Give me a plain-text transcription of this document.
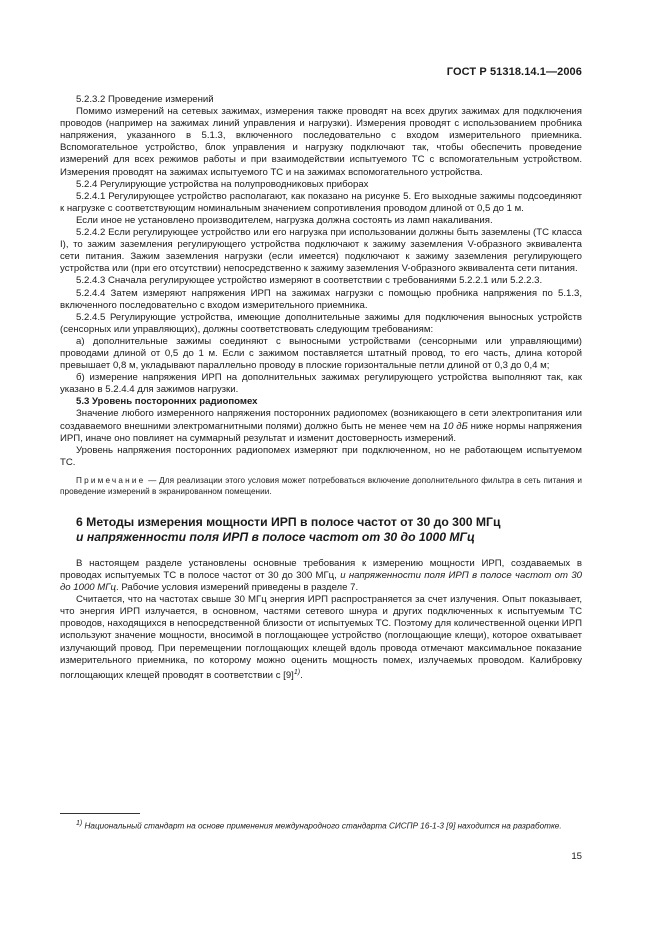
ГОСТ Р 51318.14.1—2006

5.2.3.2 Проведение измерений

Помимо измерений на сетевых зажимах, измерения также проводят на всех других зажимах для подключения проводов (например на зажимах линий управления и нагрузки). Измерения проводят с использованием пробника напряжения, указанного в 5.1.3, включенного последовательно с входом измерительного приемника. Вспомогательное устройство, блок управления и нагрузку подключают так, чтобы обеспечить проведение измерений для всех режимов работы и при взаимодействии испытуемого ТС с вспомогательным устройством. Измерения проводят на зажимах испытуемого ТС и на зажимах вспомогательного устройства.

5.2.4 Регулирующие устройства на полупроводниковых приборах

5.2.4.1 Регулирующее устройство располагают, как показано на рисунке 5. Его выходные зажимы подсоединяют к нагрузке с соответствующим номинальным значением сопротивления проводом длиной от 0,5 до 1 м.

Если иное не установлено производителем, нагрузка должна состоять из ламп накаливания.

5.2.4.2 Если регулирующее устройство или его нагрузка при использовании должны быть заземлены (ТС класса I), то зажим заземления регулирующего устройства подключают к зажиму заземления V-образного эквивалента сети питания. Зажим заземления нагрузки (если имеется) подключают к зажиму заземления регулирующего устройства или (при его отсутствии) непосредственно к зажиму заземления V-образного эквивалента сети питания.

5.2.4.3 Сначала регулирующее устройство измеряют в соответствии с требованиями 5.2.2.1 или 5.2.2.3.

5.2.4.4 Затем измеряют напряжения ИРП на зажимах нагрузки с помощью пробника напряжения по 5.1.3, включенного последовательно с входом измерительного приемника.

5.2.4.5 Регулирующие устройства, имеющие дополнительные зажимы для подключения выносных устройств (сенсорных или управляющих), должны соответствовать следующим требованиям:

а) дополнительные зажимы соединяют с выносными устройствами (сенсорными или управляющими) проводами длиной от 0,5 до 1 м. Если с зажимом поставляется штатный провод, то его часть, длина которой превышает 0,8 м, укладывают параллельно проводу в плоские горизонтальные петли длиной от 0,3 до 0,4 м;

б) измерение напряжения ИРП на дополнительных зажимах регулирующего устройства выполняют так, как указано в 5.2.4.4 для зажимов нагрузки.

5.3 Уровень посторонних радиопомех

Значение любого измеренного напряжения посторонних радиопомех (возникающего в сети электропитания или создаваемого внешними электромагнитными полями) должно быть не менее чем на 10 дБ ниже нормы напряжения ИРП, иначе оно повлияет на суммарный результат и изменит достоверность измерений.

Уровень напряжения посторонних радиопомех измеряют при подключенном, но не работающем испытуемом ТС.

Примечание — Для реализации этого условия может потребоваться включение дополнительного фильтра в сеть питания и проведение измерений в экранированном помещении.

6 Методы измерения мощности ИРП в полосе частот от 30 до 300 МГц
и напряженности поля ИРП в полосе частот от 30 до 1000 МГц

В настоящем разделе установлены основные требования к измерению мощности ИРП, создаваемых в проводах испытуемых ТС в полосе частот от 30 до 300 МГц, и напряженности поля ИРП в полосе частот от 30 до 1000 МГц. Рабочие условия измерений приведены в разделе 7.

Считается, что на частотах свыше 30 МГц энергия ИРП распространяется за счет излучения. Опыт показывает, что энергия ИРП излучается, в основном, частями сетевого шнура и других подключенных к испытуемым ТС проводов, находящихся в непосредственной близости от испытуемых ТС. Поэтому для количественной оценки ИРП используют значение мощности, вносимой в поглощающее устройство (поглощающие клещи), которое охватывает излучающий провод. При перемещении поглощающих клещей вдоль провода отмечают максимальное показание измерительного приемника, по которому можно оценить мощность помех, излучаемых проводом. Калибровку поглощающих клещей проводят в соответствии с $[9]^{1)}$.

$^{1)}$ Национальный стандарт на основе применения международного стандарта СИСПР 16-1-3 [9] находится на разработке.
15
